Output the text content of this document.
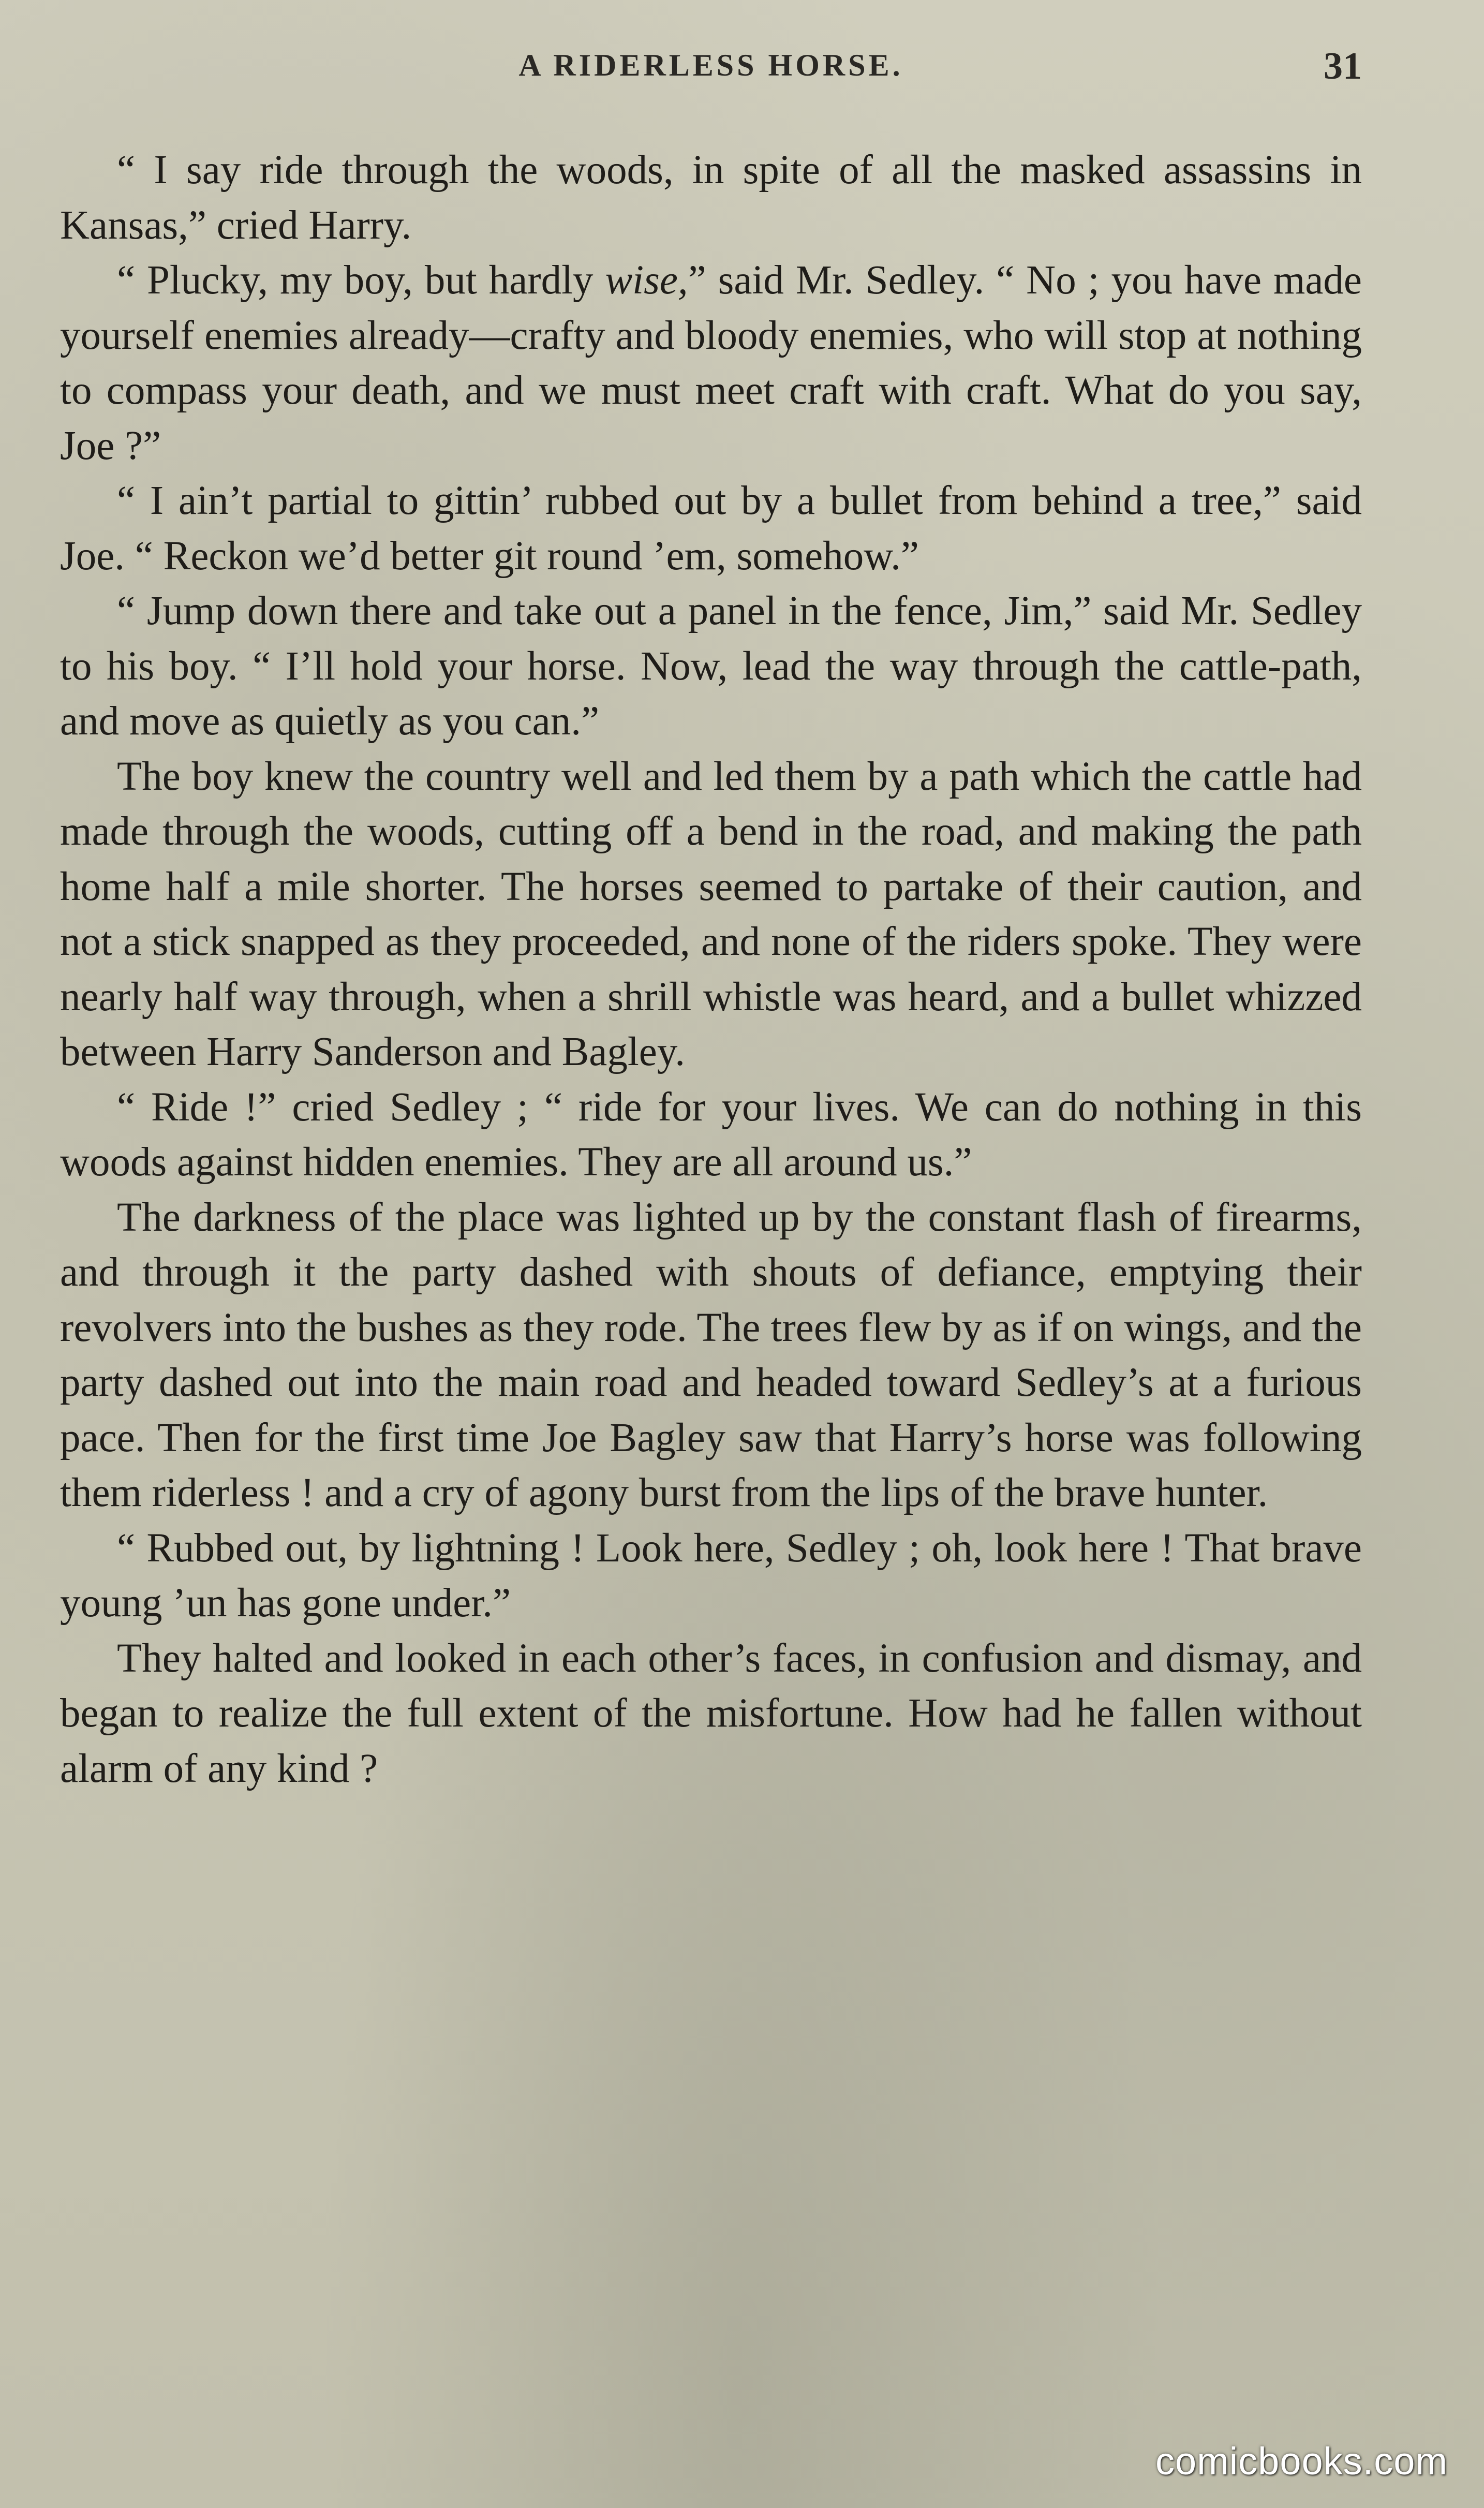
A RIDERLESS HORSE.	31

“ I say ride through the woods, in spite of all the masked assassins in Kansas,” cried Harry.

“ Plucky, my boy, but hardly wise,” said Mr. Sedley. “ No ; you have made yourself enemies already—crafty and bloody enemies, who will stop at nothing to compass your death, and we must meet craft with craft. What do you say, Joe ?”

“ I ain’t partial to gittin’ rubbed out by a bullet from behind a tree,” said Joe. “ Reckon we’d better git round ’em, somehow.”

“ Jump down there and take out a panel in the fence, Jim,” said Mr. Sedley to his boy. “ I’ll hold your horse. Now, lead the way through the cattle-path, and move as quietly as you can.”

The boy knew the country well and led them by a path which the cattle had made through the woods, cutting off a bend in the road, and making the path home half a mile shorter. The horses seemed to partake of their caution, and not a stick snapped as they proceeded, and none of the riders spoke. They were nearly half way through, when a shrill whistle was heard, and a bullet whizzed between Harry Sanderson and Bagley.

“ Ride !” cried Sedley ; “ ride for your lives. We can do nothing in this woods against hidden enemies. They are all around us.”

The darkness of the place was lighted up by the constant flash of firearms, and through it the party dashed with shouts of defiance, emptying their revolvers into the bushes as they rode. The trees flew by as if on wings, and the party dashed out into the main road and headed toward Sedley’s at a furious pace. Then for the first time Joe Bagley saw that Harry’s horse was following them riderless ! and a cry of agony burst from the lips of the brave hunter.

“ Rubbed out, by lightning ! Look here, Sedley ; oh, look here ! That brave young ’un has gone under.”

They halted and looked in each other’s faces, in confusion and dismay, and began to realize the full extent of the misfortune. How had he fallen without alarm of any kind ?

comicbooks.com
